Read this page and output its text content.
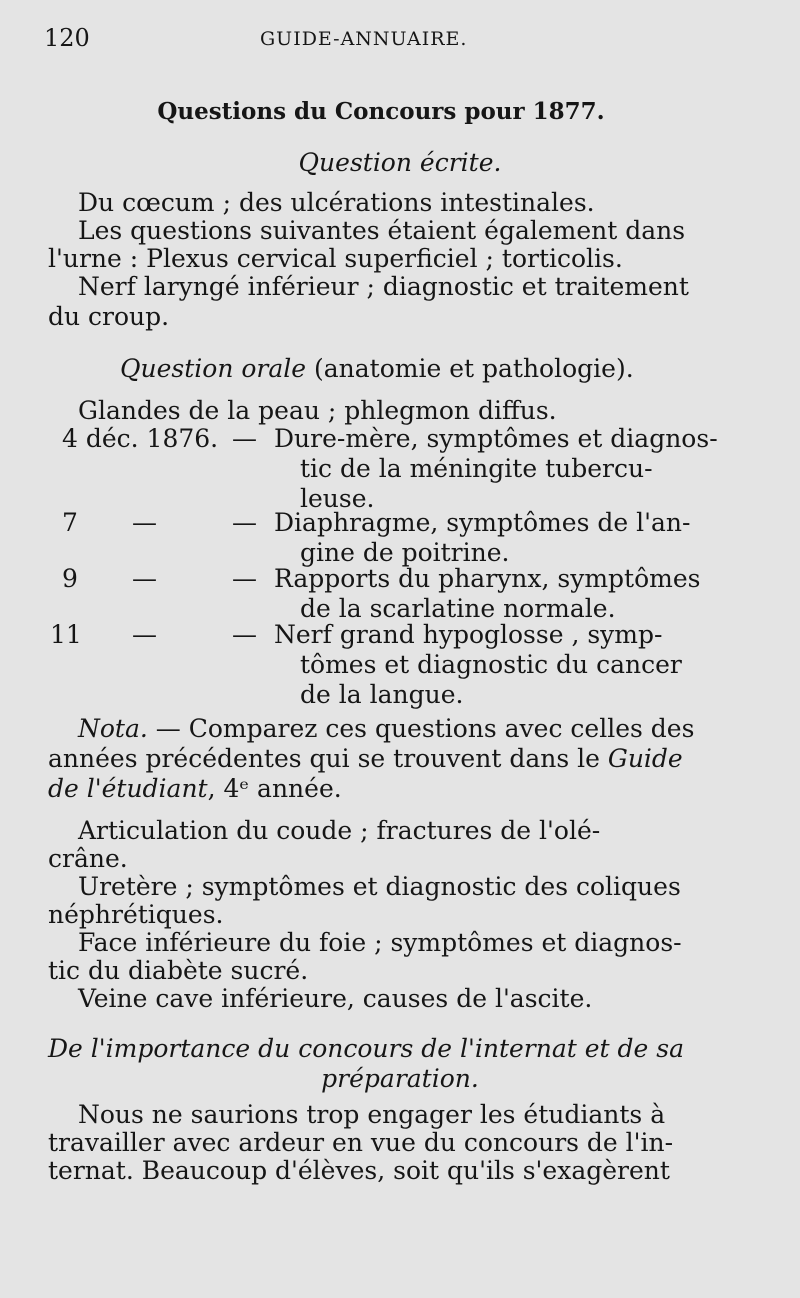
120	GUIDE-ANNUAIRE.
Questions du Concours pour 1877.
Question écrite.
Du cœcum ; des ulcérations intestinales.
Les questions suivantes étaient également dans
l'urne : Plexus cervical superficiel ; torticolis.
Nerf laryngé inférieur ; diagnostic et traitement
du croup.
Question orale (anatomie et pathologie).
Glandes de la peau ; phlegmon diffus.
4 déc. 1876. — Dure-mère, symptômes et diagnos-
tic de la méningite tubercu-
leuse.
7 —	— Diaphragme, symptômes de l'an-
gine de poitrine.
9 —	— Rapports du pharynx, symptômes
de la scarlatine normale.
11 —	— Nerf grand hypoglosse , symp-
tômes et diagnostic du cancer
de la langue.
Nota. — Comparez ces questions avec celles des
années précédentes qui se trouvent dans le Guide
de l'étudiant, 4ᵉ année.
Articulation du coude ; fractures de l'olé-
crâne.
Uretère ; symptômes et diagnostic des coliques
néphrétiques.
Face inférieure du foie ; symptômes et diagnos-
tic du diabète sucré.
Veine cave inférieure, causes de l'ascite.
De l'importance du concours de l'internat et de sa
préparation.
Nous ne saurions trop engager les étudiants à
travailler avec ardeur en vue du concours de l'in-
ternat. Beaucoup d'élèves, soit qu'ils s'exagèrent
